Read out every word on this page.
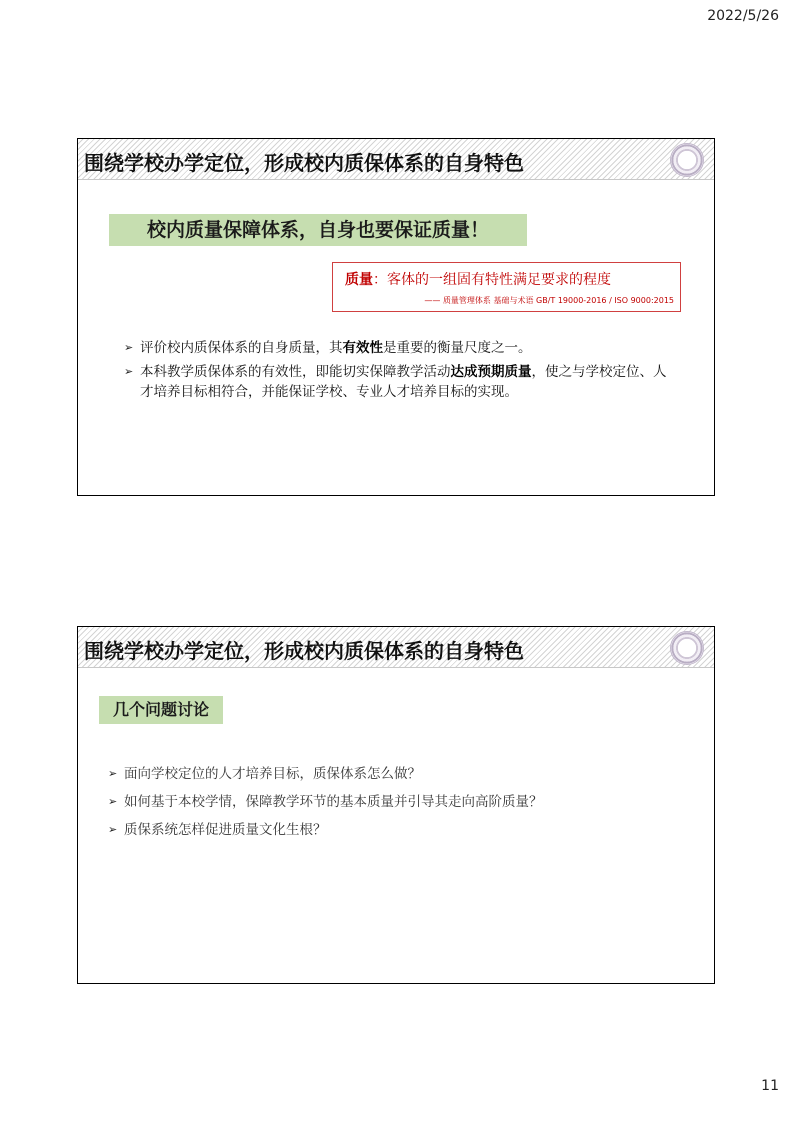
2022/5/26
围绕学校办学定位，形成校内质保体系的自身特色
校内质量保障体系，自身也要保证质量！
质量：客体的一组固有特性满足要求的程度
—— 质量管理体系 基础与术语 GB/T 19000-2016 / ISO 9000:2015
➢ 评价校内质保体系的自身质量，其有效性是重要的衡量尺度之一。
➢ 本科教学质保体系的有效性，即能切实保障教学活动达成预期质量，使之与学校定位、人才培养目标相符合，并能保证学校、专业人才培养目标的实现。
围绕学校办学定位，形成校内质保体系的自身特色
几个问题讨论
➢ 面向学校定位的人才培养目标，质保体系怎么做？
➢ 如何基于本校学情，保障教学环节的基本质量并引导其走向高阶质量？
➢ 质保系统怎样促进质量文化生根？
11
